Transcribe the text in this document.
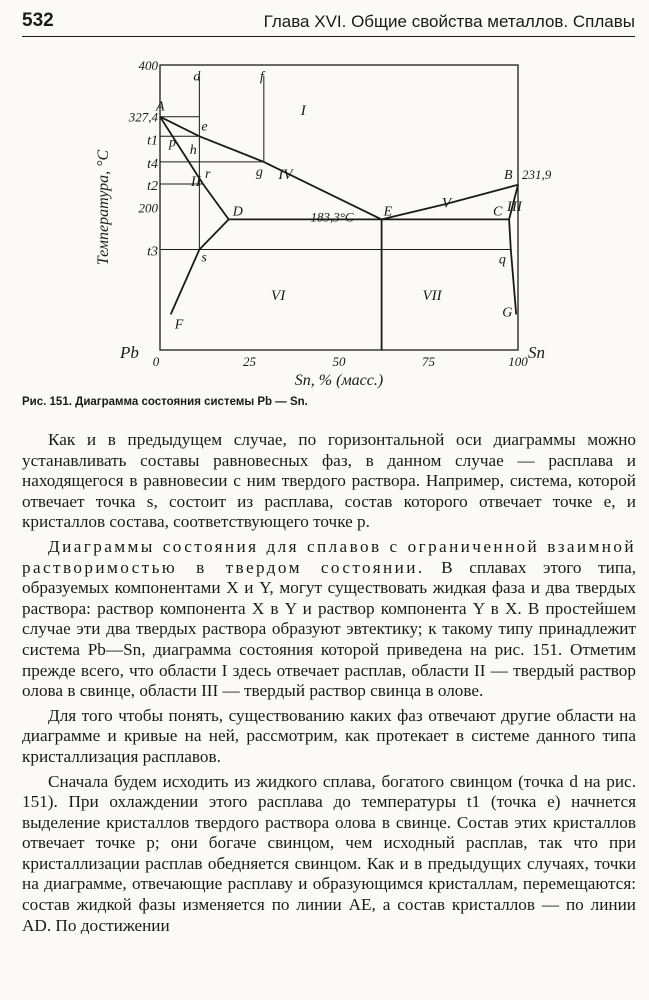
532	Глава XVI. Общие свойства металлов. Сплавы
400
327,4
t1
t4
t2
200
t3
0	25	50	75	100
Sn, % (масс.)
Температура, °C
Pb	Sn
A
B
E
D	C
F
G
p
h
r
s
e
g
q
d	f
231,9
183,3°C
I
II
III
IV
V
VI	VII
Рис. 151. Диаграмма состояния системы Pb — Sn.

Как и в предыдущем случае, по горизонтальной оси диаграммы можно устанавливать составы равновесных фаз, в данном случае — расплава и находящегося в равновесии с ним твердого раствора. Например, система, которой отвечает точка s, состоит из расплава, состав которого отвечает точке e, и кристаллов состава, соответствующего точке p.

Диаграммы состояния для сплавов с ограниченной взаимной растворимостью в твердом состоянии. В сплавах этого типа, образуемых компонентами X и Y, могут существовать жидкая фаза и два твердых раствора: раствор компонента X в Y и раствор компонента Y в X. В простейшем случае эти два твердых раствора образуют эвтектику; к такому типу принадлежит система Pb—Sn, диаграмма состояния которой приведена на рис. 151. Отметим прежде всего, что области I здесь отвечает расплав, области II — твердый раствор олова в свинце, области III — твердый раствор свинца в олове.

Для того чтобы понять, существованию каких фаз отвечают другие области на диаграмме и кривые на ней, рассмотрим, как протекает в системе данного типа кристаллизация расплавов.

Сначала будем исходить из жидкого сплава, богатого свинцом (точка d на рис. 151). При охлаждении этого расплава до температуры t1 (точка e) начнется выделение кристаллов твердого раствора олова в свинце. Состав этих кристаллов отвечает точке p; они богаче свинцом, чем исходный расплав, так что при кристаллизации расплав обедняется свинцом. Как и в предыдущих случаях, точки на диаграмме, отвечающие расплаву и образующимся кристаллам, перемещаются: состав жидкой фазы изменяется по линии AE, а состав кристаллов — по линии AD. По достижении
